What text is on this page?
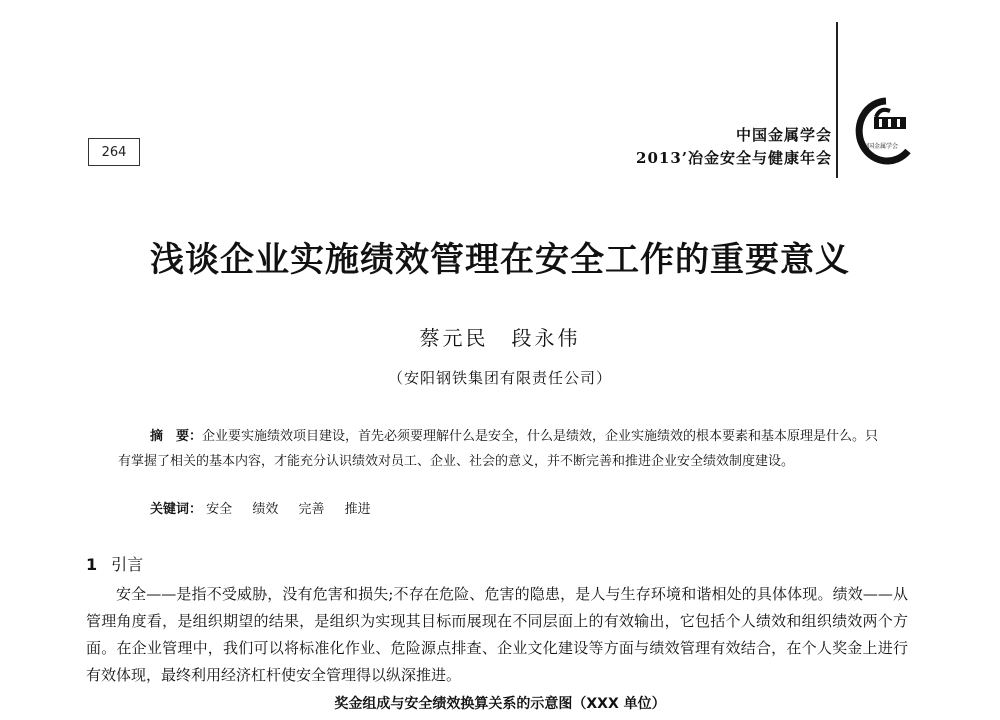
264
中国金属学会
2013’冶金安全与健康年会
中国金属学会
浅谈企业实施绩效管理在安全工作的重要意义
蔡元民　段永伟
（安阳钢铁集团有限责任公司）

摘　要：企业要实施绩效项目建设，首先必须要理解什么是安全，什么是绩效，企业实施绩效的根本要素和基本原理是什么。只有掌握了相关的基本内容，才能充分认识绩效对员工、企业、社会的意义，并不断完善和推进企业安全绩效制度建设。

关键词： 安全 绩效 完善 推进
1 引言

安全——是指不受威胁，没有危害和损失;不存在危险、危害的隐患，是人与生存环境和谐相处的具体体现。绩效——从管理角度看，是组织期望的结果，是组织为实现其目标而展现在不同层面上的有效输出，它包括个人绩效和组织绩效两个方面。在企业管理中，我们可以将标准化作业、危险源点排查、企业文化建设等方面与绩效管理有效结合，在个人奖金上进行有效体现，最终利用经济杠杆使安全管理得以纵深推进。

奖金组成与安全绩效换算关系的示意图（XXX 单位）
